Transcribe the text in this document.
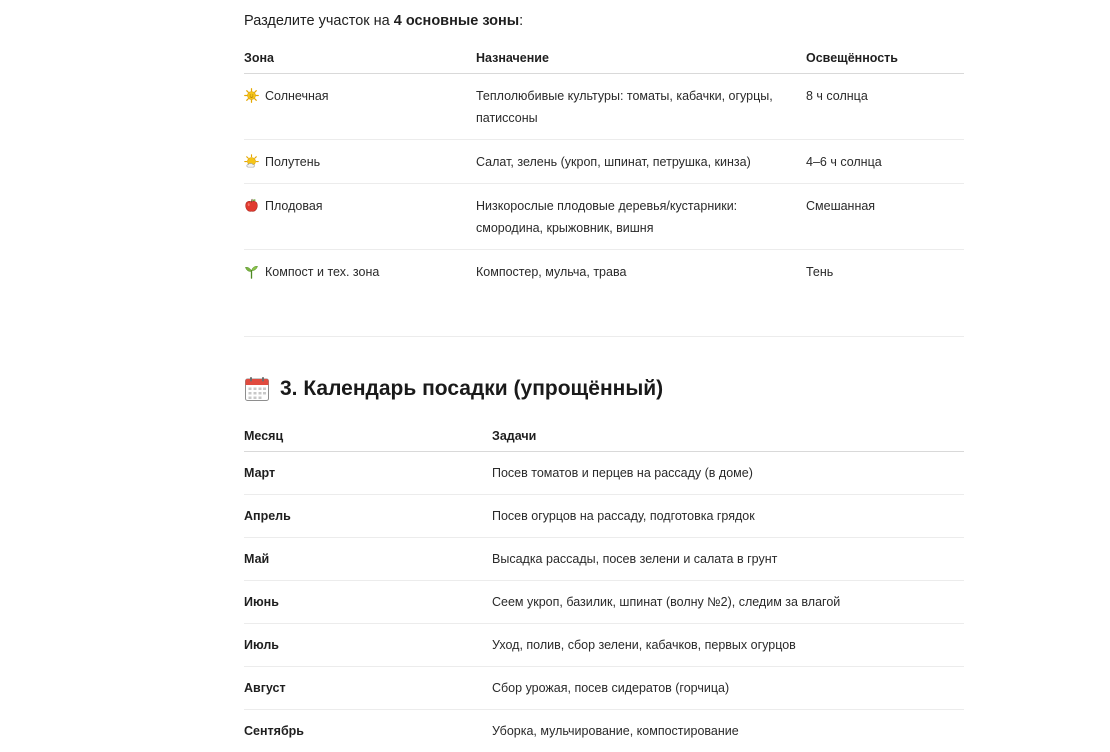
Разделите участок на 4 основные зоны:
Зона	Назначение	Освещённость

Солнечная	Теплолюбивые культуры: томаты, кабачки, огурцы, патиссоны	8 ч солнца

Полутень	Салат, зелень (укроп, шпинат, петрушка, кинза)	4–6 ч солнца

Плодовая	Низкорослые плодовые деревья/кустарники: смородина, крыжовник, вишня	Смешанная

Компост и тех. зона	Компостер, мульча, трава	Тень
3. Календарь посадки (упрощённый)
Месяц	Задачи
Март	Посев томатов и перцев на рассаду (в доме)
Апрель	Посев огурцов на рассаду, подготовка грядок
Май	Высадка рассады, посев зелени и салата в грунт
Июнь	Сеем укроп, базилик, шпинат (волну №2), следим за влагой
Июль	Уход, полив, сбор зелени, кабачков, первых огурцов
Август	Сбор урожая, посев сидератов (горчица)
Сентябрь	Уборка, мульчирование, компостирование
